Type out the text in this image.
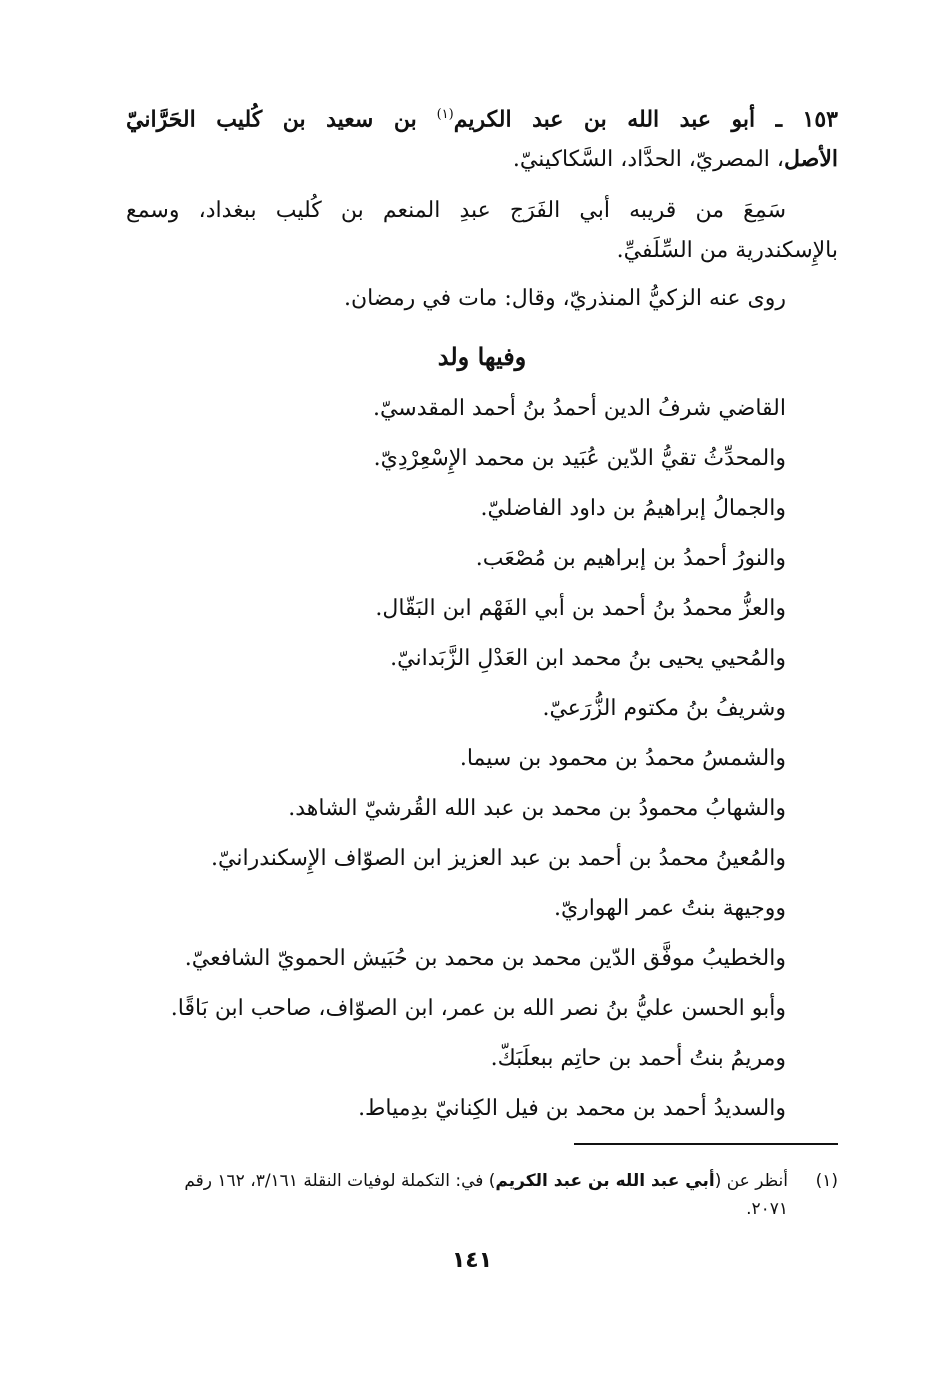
١٥٣ ـ أبو عبد الله بن عبد الكريم$^{(١)}$ بن سعيد بن كُليب الحَرَّانيّ
الأصل، المصريّ، الحدَّاد، السَّكاكينيّ.
سَمِعَ من قريبه أبي الفَرَج عبدِ المنعم بن كُليب ببغداد، وسمع
بالإِسكندرية من السِّلَفيِّ.
روى عنه الزكيُّ المنذريّ، وقال: مات في رمضان.
وفيها ولد
القاضي شرفُ الدين أحمدُ بنُ أحمد المقدسيّ.
والمحدِّثُ تقيُّ الدّين عُبَيد بن محمد الإِسْعِرْدِيّ.
والجمالُ إبراهيمُ بن داود الفاضليّ.
والنورُ أحمدُ بن إبراهيم بن مُصْعَب.
والعزُّ محمدُ بنُ أحمد بن أبي الفَهْم ابن البَقّال.
والمُحيي يحيى بنُ محمد ابن العَدْلِ الزَّبَدانيّ.
وشريفُ بنُ مكتوم الزُّرَعيّ.
والشمسُ محمدُ بن محمود بن سيما.
والشهابُ محمودُ بن محمد بن عبد الله القُرشيّ الشاهد.
والمُعينُ محمدُ بن أحمد بن عبد العزيز ابن الصوّاف الإِسكندرانيّ.
ووجيهة بنتُ عمر الهواريّ.
والخطيبُ موفَّق الدّين محمد بن محمد بن حُبَيش الحمويّ الشافعيّ.
وأبو الحسن عليُّ بنُ نصر الله بن عمر، ابن الصوّاف، صاحب ابن بَاقًا.
ومريمُ بنتُ أحمد بن حاتِم ببعلَبَكّ.
والسديدُ أحمد بن محمد بن فيل الكِنانيّ بدِمياط.
(١)
أنظر عن (أبي عبد الله بن عبد الكريم) في: التكملة لوفيات النقلة ٣/١٦١، ١٦٢ رقم
٢٠٧١.
١٤١
